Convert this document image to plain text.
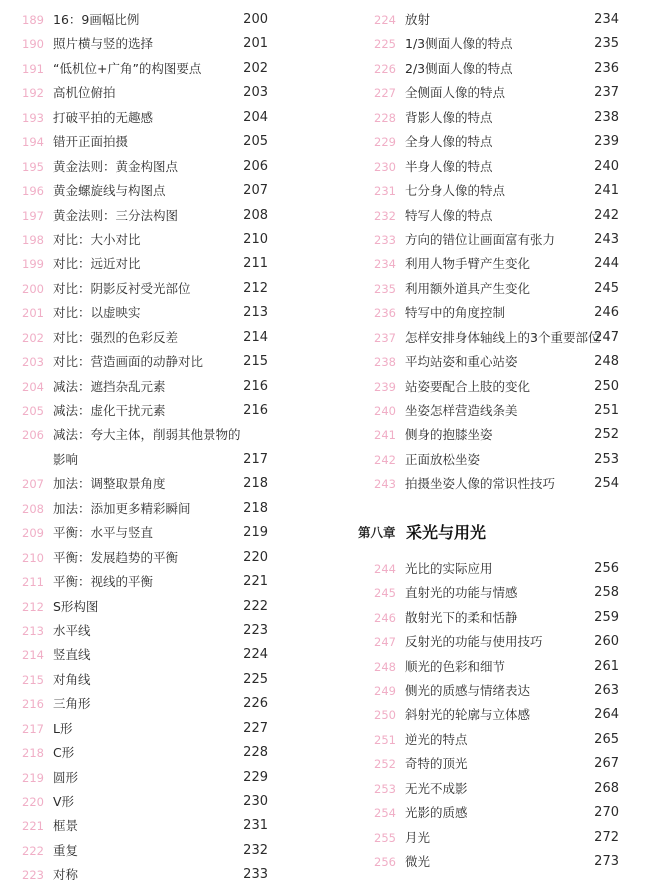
189 16：9画幅比例	200
190 照片横与竖的选择	201
191 “低机位+广角”的构图要点	202
192 高机位俯拍	203
193 打破平拍的无趣感	204
194 错开正面拍摄	205
195 黄金法则：黄金构图点	206
196 黄金螺旋线与构图点	207
197 黄金法则：三分法构图	208
198 对比：大小对比	210
199 对比：远近对比	211
200 对比：阴影反衬受光部位	212
201 对比：以虚映实	213
202 对比：强烈的色彩反差	214
203 对比：营造画面的动静对比	215
204 减法：遮挡杂乱元素	216
205 减法：虚化干扰元素	216
206 减法：夸大主体，削弱其他景物的
影响	217
207 加法：调整取景角度	218
208 加法：添加更多精彩瞬间	218
209 平衡：水平与竖直	219
210 平衡：发展趋势的平衡	220
211 平衡：视线的平衡	221
212 S形构图	222
213 水平线	223
214 竖直线	224
215 对角线	225
216 三角形	226
217 L形	227
218 C形	228
219 圆形	229
220 V形	230
221 框景	231
222 重复	232
223 对称	233
224 放射	234
225 1/3侧面人像的特点	235
226 2/3侧面人像的特点	236
227 全侧面人像的特点	237
228 背影人像的特点	238
229 全身人像的特点	239
230 半身人像的特点	240
231 七分身人像的特点	241
232 特写人像的特点	242
233 方向的错位让画面富有张力	243
234 利用人物手臂产生变化	244
235 利用额外道具产生变化	245
236 特写中的角度控制	246
237 怎样安排身体轴线上的3个重要部位
247
238 平均站姿和重心站姿	248
239 站姿要配合上肢的变化	250
240 坐姿怎样营造线条美	251
241 侧身的抱膝坐姿	252
242 正面放松坐姿	253
243 拍摄坐姿人像的常识性技巧	254
第八章 采光与用光
244 光比的实际应用	256
245 直射光的功能与情感	258
246 散射光下的柔和恬静	259
247 反射光的功能与使用技巧	260
248 顺光的色彩和细节	261
249 侧光的质感与情绪表达	263
250 斜射光的轮廓与立体感	264
251 逆光的特点	265
252 奇特的顶光	267
253 无光不成影	268
254 光影的质感	270
255 月光	272
256 微光	273
